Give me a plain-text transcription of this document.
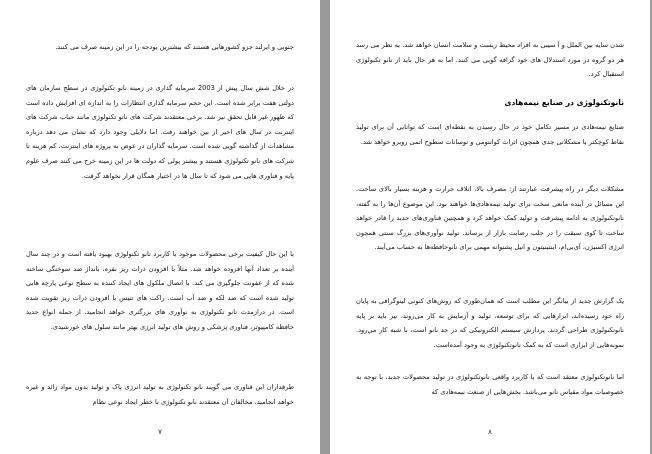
جنوبی و ایرلند جزو کشورهایی هستند که بیشترین بودجه را در این زمینه صرف می کنند.
در خلال شش سال پیش از 2003 سرمایه گذاری در زمینه نانو تکنولوژی در سطح سازمان های دولتی هفت برابر شده است. این حجم سرمایه گذاری انتظارات را به اندازه ای افزایش داده است که ظهور غیر قابل تحقق نیز شد. برخی معتقدند شرکت های نانو تکنولوژی مانند حباب شرکت های اینترنت در سال های اخیر از بین خواهند رفت. اما دلایلی وجود دارد که نشان می دهد درباره مشاهدات از گذاشته گویی شده است. سرمایه گذاران در عوض به پروژه های اینترنت، کم هزینه تا شرکت های نانو تکنولوژی هستند و بیشتر پولی که دولت ها در این زمینه خرج می کنند صرف علوم پایه و فناوری هایی می شود که تا سال ها در اختیار همگان قرار نخواهد گرفت.
با این حال کیفیت برخی محصولات موجود با کاربرد نانو تکنولوژی بهبود یافته است و در چند سال آینده بر تعداد آنها افزوده خواهد شد. مثلاً با افزودن ذرات ریز نقره، بانداژ ضد سوختگی ساخته شده که از عفونت جلوگیری می کند. با اتصال ملکول های ایجاد کننده به سطح نوعی پارچه هایی تولید شده است که ضد لکه و ضد آب است. راکت های تنیس با افزودن ذرات ریز تقویت شده است. در درازمدت نانو تکنولوژی به نوآوری های بزرگتری خواهد انجامید. از جمله انواع جدید حافظه کامپیوتر، فناوری پزشکی و روش های تولید انرژی بهتر مانند سلول های خورشیدی.
طرفداران این فناوری می گویند نانو تکنولوژی به تولید انرژی پاک و تولید بدون مواد زائد و غیره خواهد انجامید. مخالفان آن معتقدند نانو تکنولوژی با خطر ایجاد نوعی نظام
۷
شدن سایه بین الملل و آ سیبی به افراد محیط زیست و سلامت انسان خواهد شد. به نظر می رسد هر دو گروه در مورد استدلال های خود گزافه گویی می کنند. اما به هر حال باید از نانو تکنولوژی استقبال کرد.
نانوتکنولوژی در صنایع نیمه‌هادی
صنایع نیمه‌هادی در مسیر تکامل خود در حال رسیدن به نقطه‌ای است که توانایی آن برای تولید نقاط کوچکتر با مشکلاتی جدی همچون اثرات کوانتومی و نوسانات سطوح اتمی روبرو خواهد شد.
مشکلات دیگر در راه پیشرفت عبارتند از: مصرف بالا، اتلاف حرارت و هزینه بسیار بالای ساخت. این مسائل در آینده مانعی سخت برای تولید نیمه‌هادی‌ها خواهند بود. این موضوع آن‌ها را به گفته، نانوتکنولوژی به ادامه پیشرفت و تولید کمک خواهد کرد و همچنین فناوری‌های جدید را قادر خواهد ساخت تا کوی سبقت را در جلب رضایت بازار از برساند. تولید نوآوری‌های بزرگ سنتی همچون انرژی اکسیژن، آی‌بی‌ام، اینتینیتون و انیل پشتوانه مهمی برای نانوحافظه‌ها به حساب می‌آیند.
یک گزارش جدید از بیانگر این مطلب است که همان‌طوری که روش‌های کنونی لیتوگرافی به پایان راه خود رسیده‌اند، ابزارهایی که برای توسعه، تولید و آزمایش به کار می‌روند، نیز باید بر پایه نانوتکنولوژی طراحی گردند. پردازش‌ سیستم الکترونیکی که در حد نانو است، با شبه کار می‌رود. نمونه‌هایی از ابزاری است که به کمک نانوتکنولوژی به وجود آمده‌است.
اما نانوتکنولوژی معتقد است که با کاربرد واقعی نانوتکنولوژی در تولید محصولات جدید، با توجه به خصوصیات مواد مقیاس نانو می‌باشد. بخش‌هایی از صنعت نیمه‌هادی که
۸
